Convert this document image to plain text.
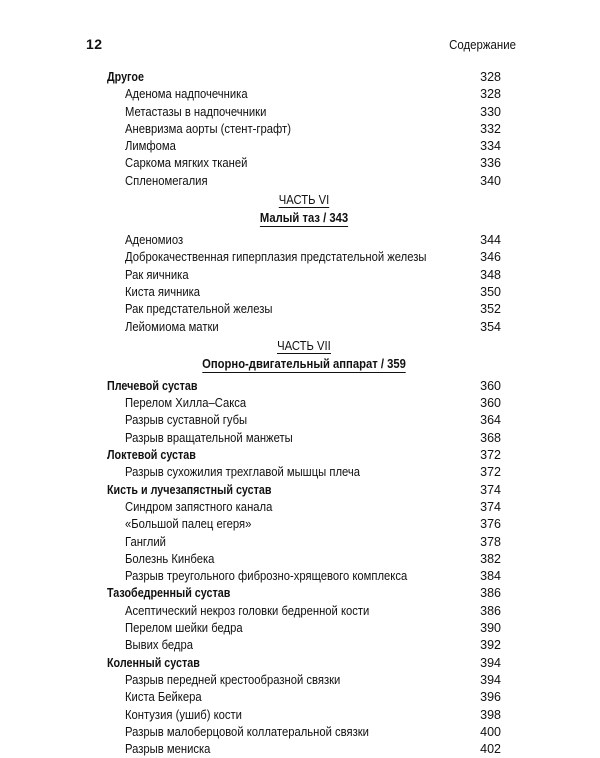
12	Содержание
Другое	328
Аденома надпочечника	328
Метастазы в надпочечники	330
Аневризма аорты (стент-графт)	332
Лимфома	334
Саркома мягких тканей	336
Спленомегалия	340
ЧАСТЬ VI
Малый таз / 343
Аденомиоз	344
Доброкачественная гиперплазия предстательной железы	346
Рак яичника	348
Киста яичника	350
Рак предстательной железы	352
Лейомиома матки	354
ЧАСТЬ VII
Опорно-двигательный аппарат / 359
Плечевой сустав	360
Перелом Хилла–Сакса	360
Разрыв суставной губы	364
Разрыв вращательной манжеты	368
Локтевой сустав	372
Разрыв сухожилия трехглавой мышцы плеча	372
Кисть и лучезапястный сустав	374
Синдром запястного канала	374
«Большой палец егеря»	376
Ганглий	378
Болезнь Кинбека	382
Разрыв треугольного фиброзно-хрящевого комплекса	384
Тазобедренный сустав	386
Асептический некроз головки бедренной кости	386
Перелом шейки бедра	390
Вывих бедра	392
Коленный сустав	394
Разрыв передней крестообразной связки	394
Киста Бейкера	396
Контузия (ушиб) кости	398
Разрыв малоберцовой коллатеральной связки	400
Разрыв мениска	402
